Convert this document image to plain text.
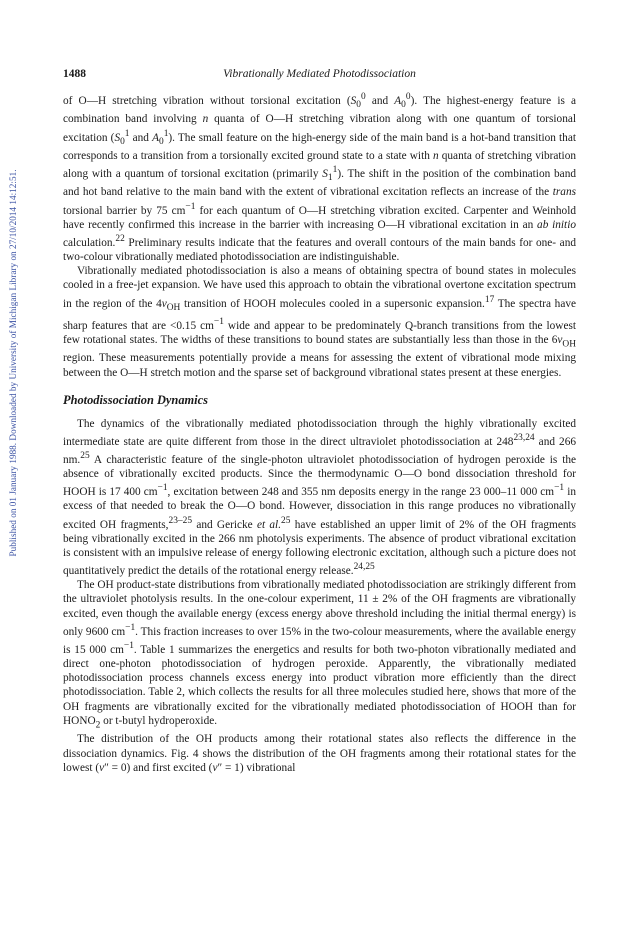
Published on 01 January 1988. Downloaded by University of Michigan Library on 27/10/2014 14:12:51.
1488	Vibrationally Mediated Photodissociation

of O—H stretching vibration without torsional excitation ($S_0^0$ and $A_0^0$). The highest-energy feature is a combination band involving n quanta of O—H stretching vibration along with one quantum of torsional excitation ($S_0^1$ and $A_0^1$). The small feature on the high-energy side of the main band is a hot-band transition that corresponds to a transition from a torsionally excited ground state to a state with n quanta of stretching vibration along with a quantum of torsional excitation (primarily $S_1^1$). The shift in the position of the combination band and hot band relative to the main band with the extent of vibrational excitation reflects an increase of the trans torsional barrier by 75 $cm^{-1}$ for each quantum of O—H stretching vibration excited. Carpenter and Weinhold have recently confirmed this increase in the barrier with increasing O—H vibrational excitation in an ab initio calculation.$^{22}$ Preliminary results indicate that the features and overall contours of the main bands for one- and two-colour vibrationally mediated photodissociation are indistinguishable.

Vibrationally mediated photodissociation is also a means of obtaining spectra of bound states in molecules cooled in a free-jet expansion. We have used this approach to obtain the vibrational overtone excitation spectrum in the region of the $4\nu_{OH}$ transition of HOOH molecules cooled in a supersonic expansion.$^{17}$ The spectra have sharp features that are <0.15 $cm^{-1}$ wide and appear to be predominately Q-branch transitions from the lowest few rotational states. The widths of these transitions to bound states are substantially less than those in the $6\nu_{OH}$ region. These measurements potentially provide a means for assessing the extent of vibrational mode mixing between the O—H stretch motion and the sparse set of background vibrational states present at these energies.

Photodissociation Dynamics

The dynamics of the vibrationally mediated photodissociation through the highly vibrationally excited intermediate state are quite different from those in the direct ultraviolet photodissociation at 248$^{23,24}$ and 266 nm.$^{25}$ A characteristic feature of the single-photon ultraviolet photodissociation of hydrogen peroxide is the absence of vibrationally excited products. Since the thermodynamic O—O bond dissociation threshold for HOOH is 17 400 $cm^{-1}$, excitation between 248 and 355 nm deposits energy in the range 23 000–11 000 $cm^{-1}$ in excess of that needed to break the O—O bond. However, dissociation in this range produces no vibrationally excited OH fragments,$^{23-25}$ and Gericke et al.$^{25}$ have established an upper limit of 2% of the OH fragments being vibrationally excited in the 266 nm photolysis experiments. The absence of product vibrational excitation is consistent with an impulsive release of energy following electronic excitation, although such a picture does not quantitatively predict the details of the rotational energy release.$^{24,25}$

The OH product-state distributions from vibrationally mediated photodissociation are strikingly different from the ultraviolet photolysis results. In the one-colour experiment, 11 ± 2% of the OH fragments are vibrationally excited, even though the available energy (excess energy above threshold including the initial thermal energy) is only 9600 $cm^{-1}$. This fraction increases to over 15% in the two-colour measurements, where the available energy is 15 000 $cm^{-1}$. Table 1 summarizes the energetics and results for both two-photon vibrationally mediated and direct one-photon photodissociation of hydrogen peroxide. Apparently, the vibrationally mediated photodissociation process channels excess energy into product vibration more efficiently than the direct photodissociation. Table 2, which collects the results for all three molecules studied here, shows that more of the OH fragments are vibrationally excited for the vibrationally mediated photodissociation of HOOH than for $HONO_2$ or t-butyl hydroperoxide.

The distribution of the OH products among their rotational states also reflects the difference in the dissociation dynamics. Fig. 4 shows the distribution of the OH fragments among their rotational states for the lowest (v″ = 0) and first excited (v″ = 1) vibrational
